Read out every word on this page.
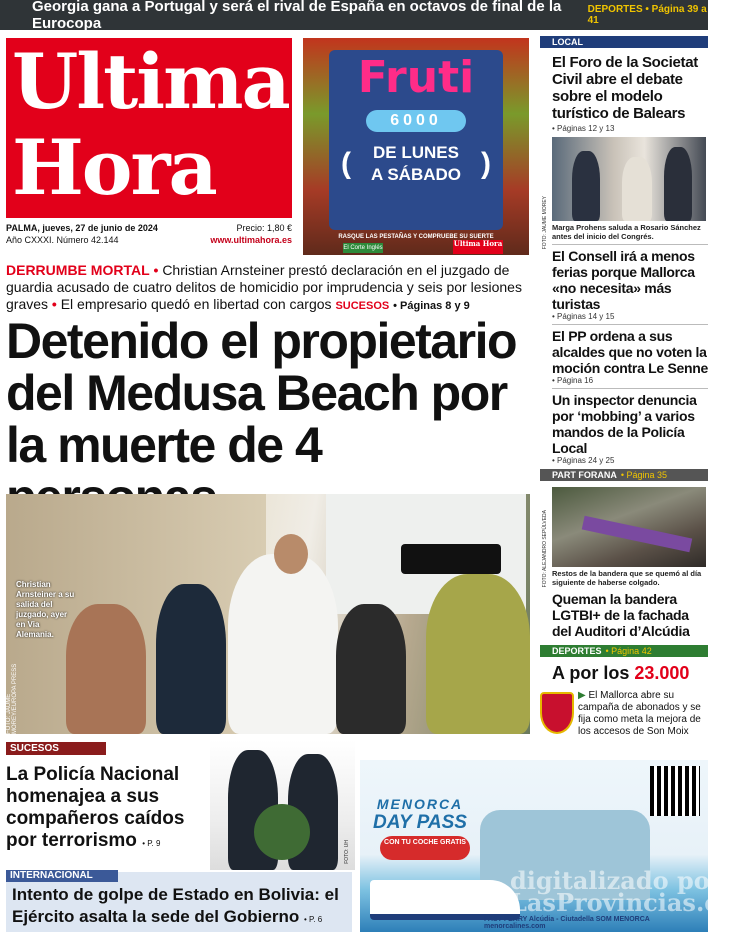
Georgia gana a Portugal y será el rival de España en octavos de final de la Eurocopa
DEPORTES • Página 39 a 41
Ultima
Hora
PALMA, jueves, 27 de junio de 2024
Año CXXXI. Número 42.144
Precio: 1,80 €
www.ultimahora.es
Fruti
6000
(	)
DE LUNES
A SÁBADO
RASQUE LAS PESTAÑAS Y COMPRUEBE SU SUERTE
El Corte Inglés	Ultima Hora
DERRUMBE MORTAL • Christian Arnsteiner prestó declaración en el juzgado de guardia acusado de cuatro delitos de homicidio por imprudencia y seis por lesiones graves • El empresario quedó en libertad con cargos SUCESOS • Páginas 8 y 9
Detenido el propietario
del Medusa Beach por
la muerte de 4
Christian Arnsteiner a su salida del juzgado, ayer en Via Alemania.
FOTO: JAUME MOREY/EUROPA PRESS
SUCESOS
La Policía Nacional homenajea a sus compañeros caídos por terrorismo • P. 9	FOTO: UH
Intento de golpe de Estado en Bolivia: el Ejército asalta la sede del Gobierno • P. 6
INTERNACIONAL
MENORCA
DAY PASS
CON TU COCHE GRATIS
digitalizado por LasProvincias.es
FAST FERRY Alcúdia - Ciutadella SOM MENORCA menorcalines.com
LOCAL
El Foro de la Societat Civil abre el debate sobre el modelo turístico de Balears
• Páginas 12 y 13
FOTO: JAUME MOREY Marga Prohens saluda a Rosario Sánchez antes del inicio del Congrés.
El Consell irá a menos ferias porque Mallorca «no necesita» más turistas
• Páginas 14 y 15
El PP ordena a sus alcaldes que no voten la moción contra Le Senne
• Página 16
Un inspector denuncia por ‘mobbing’ a varios mandos de la Policía Local
• Páginas 24 y 25
PART FORANA • Página 35
FOTO: ALEJANDRO SEPÚLVEDA Restos de la bandera que se quemó al día siguiente de haberse colgado.
Queman la bandera LGTBI+ de la fachada del Auditori d’Alcúdia
DEPORTES • Página 42
A por los 23.000
▶ El Mallorca abre su campaña de abonados y se fija como meta la mejora de los accesos de Son Moix
